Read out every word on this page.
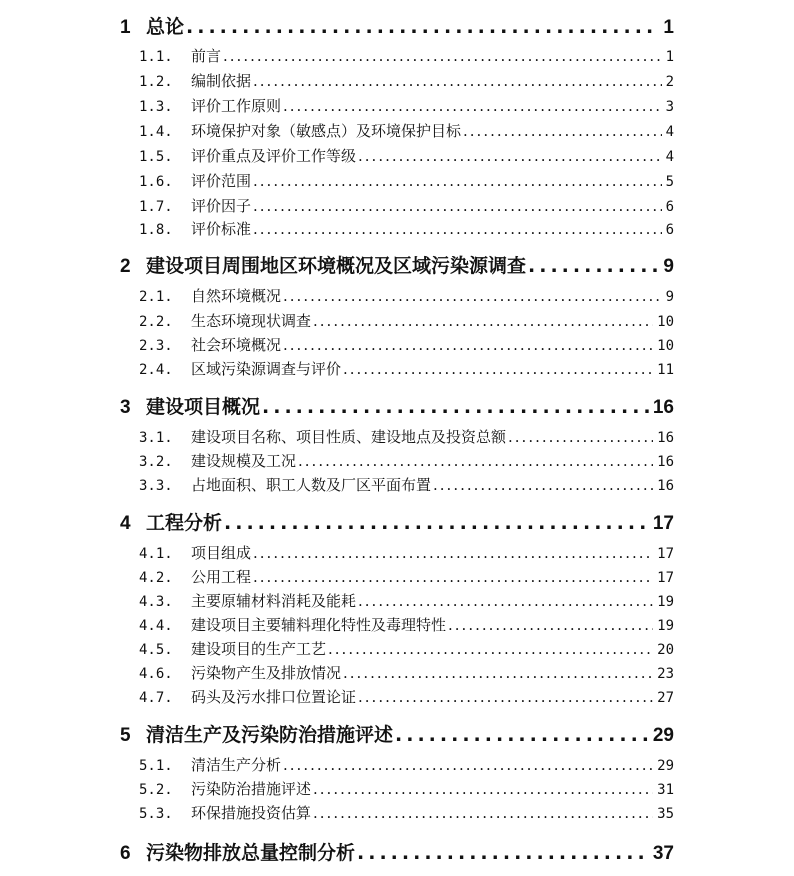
1 总论 .....	1
1.1.	前言 .....	1
1.2.	编制依据 .....	2
1.3.	评价工作原则 .....	3
1.4.	环境保护对象（敏感点）及环境保护目标 .....	4
1.5.	评价重点及评价工作等级 .....	4
1.6.	评价范围 .....	5
1.7.	评价因子 .....	6
1.8.	评价标准 .....	6
2 建设项目周围地区环境概况及区域污染源调查 .....	9
2.1.	自然环境概况 .....	9
2.2.	生态环境现状调查 .....	10
2.3.	社会环境概况 .....	10
2.4.	区域污染源调查与评价 .....	11
3 建设项目概况 .....	16
3.1.	建设项目名称、项目性质、建设地点及投资总额 .....	16
3.2.	建设规模及工况 .....	16
3.3.	占地面积、职工人数及厂区平面布置 .....	16
4 工程分析 .....	17
4.1.	项目组成 .....	17
4.2.	公用工程 .....	17
4.3.	主要原辅材料消耗及能耗 .....	19
4.4.	建设项目主要辅料理化特性及毒理特性 .....	19
4.5.	建设项目的生产工艺 .....	20
4.6.	污染物产生及排放情况 .....	23
4.7.	码头及污水排口位置论证 .....	27
5 清洁生产及污染防治措施评述 .....	29
5.1.	清洁生产分析 .....	29
5.2.	污染防治措施评述 .....	31
5.3.	环保措施投资估算 .....	35
6 污染物排放总量控制分析 .....	37
